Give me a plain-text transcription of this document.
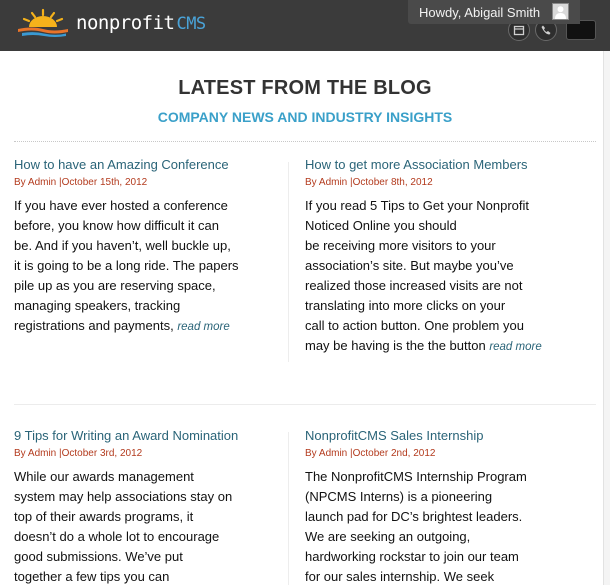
nonprofit CMS
Howdy, Abigail Smith
LATEST FROM THE BLOG
COMPANY NEWS AND INDUSTRY INSIGHTS
How to have an Amazing Conference
By Admin |October 15th, 2012
If you have ever hosted a conference
before, you know how difficult it can
be. And if you haven’t, well buckle up,
it is going to be a long ride. The papers
pile up as you are reserving space,
managing speakers, tracking
registrations and payments, read more
How to get more Association Members
By Admin |October 8th, 2012
If you read 5 Tips to Get your Nonprofit
Noticed Online you should
be receiving more visitors to your
association’s site. But maybe you’ve
realized those increased visits are not
translating into more clicks on your
call to action button. One problem you
may be having is the the button read more
9 Tips for Writing an Award Nomination
By Admin |October 3rd, 2012
While our awards management
system may help associations stay on
top of their awards programs, it
doesn’t do a whole lot to encourage
good submissions. We’ve put
together a few tips you can
NonprofitCMS Sales Internship
By Admin |October 2nd, 2012
The NonprofitCMS Internship Program
(NPCMS Interns) is a pioneering
launch pad for DC’s brightest leaders.
We are seeking an outgoing,
hardworking rockstar to join our team
for our sales internship. We seek
